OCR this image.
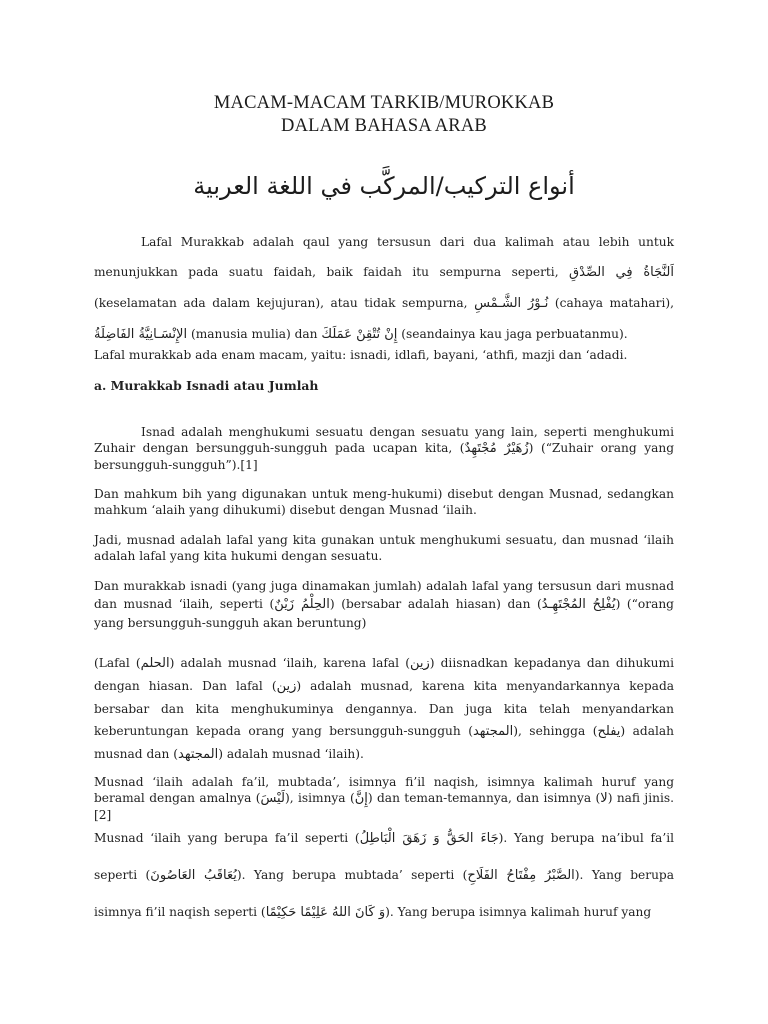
MACAM-MACAM TARKIB/MUROKKAB
DALAM BAHASA ARAB
أنواع التركيب/المركَّب في اللغة العربية
Lafal Murakkab adalah qaul yang tersusun dari dua kalimah atau lebih untuk menunjukkan pada suatu faidah, baik faidah itu sempurna seperti, اَلنَّجَاةُ فِي الصِّدْقِ (keselamatan ada dalam kejujuran), atau tidak sempurna, نُـوْرُ الشَّـمْسِ (cahaya matahari), الإِنْسَـانِيَّةُ الفَاضِلَةُ (manusia mulia) dan إِنْ تُتْقِنْ عَمَلَكَ (seandainya kau jaga perbuatanmu).
Lafal murakkab ada enam macam, yaitu: isnadi, idlafi, bayani, ‘athfi, mazji dan ‘adadi.
a. Murakkab Isnadi atau Jumlah
Isnad adalah menghukumi sesuatu dengan sesuatu yang lain, seperti menghukumi Zuhair dengan bersungguh-sungguh pada ucapan kita, (زُهَيْرٌ مُجْتَهِدٌ) (“Zuhair orang yang bersungguh-sungguh”).[1]
Dan mahkum bih yang digunakan untuk meng-hukumi) disebut dengan Musnad, sedangkan mahkum ‘alaih yang dihukumi) disebut dengan Musnad ‘ilaih.
Jadi, musnad adalah lafal yang kita gunakan untuk menghukumi sesuatu, dan musnad ‘ilaih adalah lafal yang kita hukumi dengan sesuatu.
Dan murakkab isnadi (yang juga dinamakan jumlah) adalah lafal yang tersusun dari musnad dan musnad ‘ilaih, seperti (الحِلْمُ زَيْنٌ) (bersabar adalah hiasan) dan (يُفْلِحُ المُجْتَهِـدُ) (“orang yang bersungguh-sungguh akan beruntung)
(Lafal (الحلم) adalah musnad ‘ilaih, karena lafal (زين) diisnadkan kepadanya dan dihukumi dengan hiasan. Dan lafal (زين) adalah musnad, karena kita menyandarkannya kepada bersabar dan kita menghukuminya dengannya. Dan juga kita telah menyandarkan keberuntungan kepada orang yang bersungguh-sungguh (المجتهد), sehingga (يفلح) adalah musnad dan (المجتهد) adalah musnad ‘ilaih).
Musnad ‘ilaih adalah fa’il, mubtada’, isimnya fi’il naqish, isimnya kalimah huruf yang beramal dengan amalnya (لَيْسَ), isimnya (إِنَّ) dan teman-temannya, dan isimnya (لا) nafi jinis.[2]
Musnad ‘ilaih yang berupa fa’il seperti (جَاءَ الحَقُّ وَ زَهَقَ الْبَاطِلُ). Yang berupa na’ibul fa’il seperti (يُعَاقَبُ العَاصُونَ). Yang berupa mubtada’ seperti (الصَّبْرُ مِفْتَاحُ الفَلَاحِ). Yang berupa isimnya fi’il naqish seperti (وَ كَانَ اللهُ عَلِيْمًا حَكِيْمًا). Yang berupa isimnya kalimah huruf yang
